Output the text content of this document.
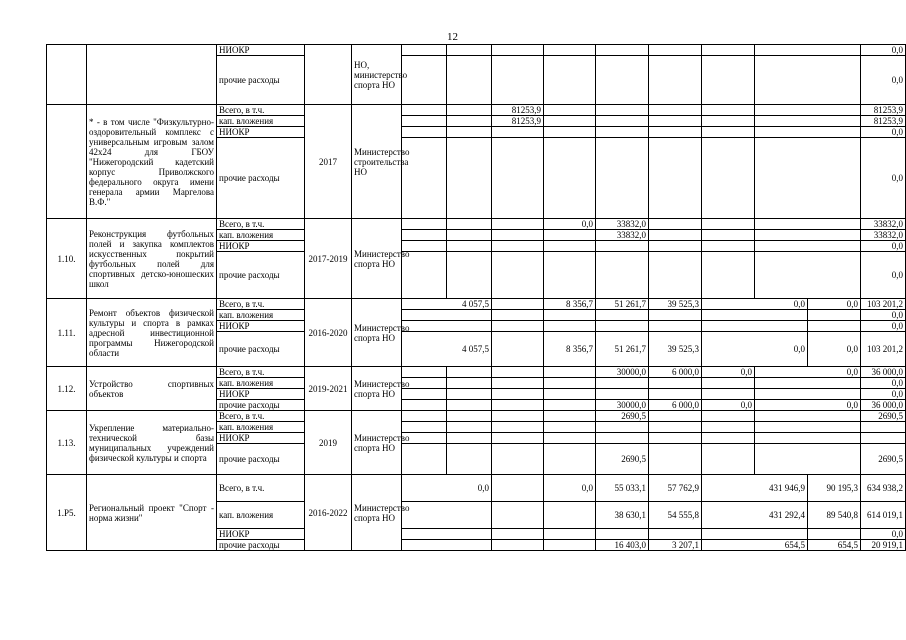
12
		НИОКР		НО, министерство спорта НО										0,0
		прочие расходы												0,0
	* - в том числе "Физкультурно-оздоровительный комплекс с универсальным игровым залом 42х24 для ГБОУ "Нижегородский кадетский корпус Приволжского федерального округа имени генерала армии Маргелова В.Ф."	Всего, в т.ч.	2017	Министерство строительства НО			81253,9							81253,9
		кап. вложения					81253,9							81253,9
		НИОКР												0,0
		прочие расходы												0,0
1.10.	Реконструкция футбольных полей и закупка комплектов искусственных покрытий футбольных полей для спортивных детско-юношеских школ	Всего, в т.ч.	2017-2019	Министерство спорта НО				0,0	33832,0					33832,0
		кап. вложения							33832,0					33832,0
		НИОКР												0,0
		прочие расходы												0,0
1.11.	Ремонт объектов физической культуры и спорта в рамках адресной инвестиционной программы Нижегородской области	Всего, в т.ч.	2016-2020	Министерство спорта НО	4 057,5			8 356,7	51 261,7	39 525,3	0,0		0,0	103 201,2
		кап. вложения												0,0
		НИОКР												0,0
		прочие расходы			4 057,5			8 356,7	51 261,7	39 525,3	0,0		0,0	103 201,2
1.12.	Устройство спортивных объектов	Всего, в т.ч.	2019-2021	Министерство спорта НО					30000,0	6 000,0	0,0	0,0		36 000,0
		кап. вложения												0,0
		НИОКР												0,0
		прочие расходы							30000,0	6 000,0	0,0	0,0		36 000,0
1.13.	Укрепление материально-технической базы муниципальных учреждений физической культуры и спорта	Всего, в т.ч.	2019	Министерство спорта НО					2690,5					2690,5
		кап. вложения												
		НИОКР												
		прочие расходы							2690,5					2690,5
1.P5.	Региональный проект "Спорт - норма жизни"	Всего, в т.ч.	2016-2022	Министерство спорта НО	0,0			0,0	55 033,1	57 762,9	431 946,9		90 195,3	634 938,2
		кап. вложения							38 630,1	54 555,8	431 292,4		89 540,8	614 019,1
		НИОКР												0,0
		прочие расходы							16 403,0	3 207,1	654,5		654,5	20 919,1
